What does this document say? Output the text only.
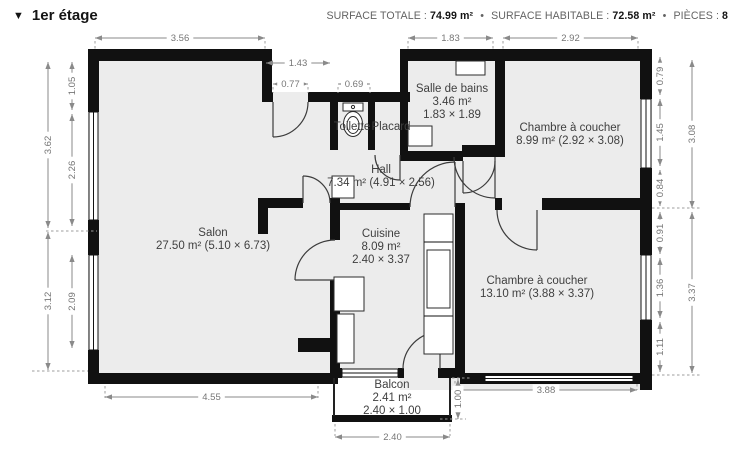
▼ 1er étage	SURFACE TOTALE : 74.99 m² • SURFACE HABITABLE : 72.58 m² • PIÈCES : 8
3.56
1.43
0.77	0.69
1.83	2.92
1.05
2.26
3.62
2.09
3.12
0.79
1.45
0.84
3.08
0.91
1.36
1.11
3.37
4.55
3.88
1.00
2.40
Salon
27.50 m² (5.10 × 6.73)
Hall
7.34 m² (4.91 × 2.56)
Toilette Placard
Salle de bains
3.46 m²
1.83 × 1.89
Chambre à coucher
8.99 m² (2.92 × 3.08)
Cuisine
8.09 m²
2.40 × 3.37
Chambre à coucher
13.10 m² (3.88 × 3.37)
Balcon
2.41 m²
2.40 × 1.00
